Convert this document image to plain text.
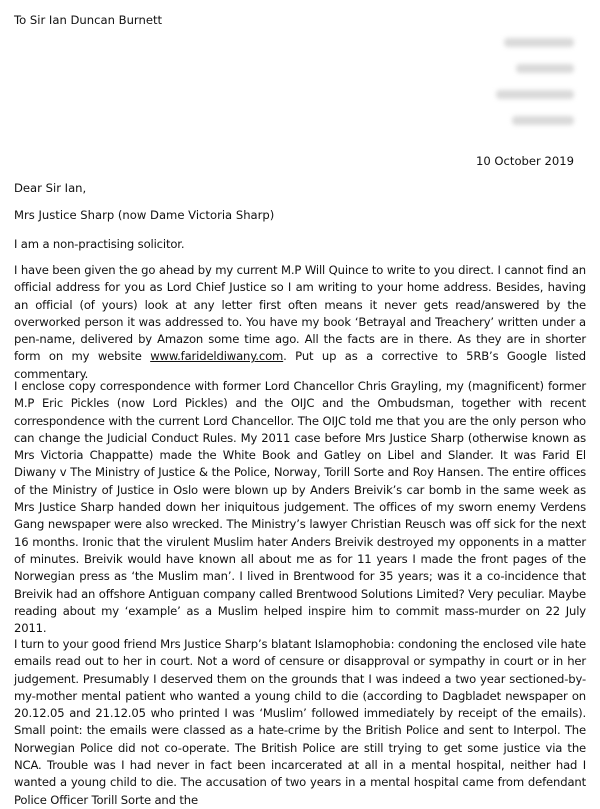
To Sir Ian Duncan Burnett
10 October 2019
Dear Sir Ian,
Mrs Justice Sharp (now Dame Victoria Sharp)
I am a non-practising solicitor.
I have been given the go ahead by my current M.P Will Quince to write to you direct. I cannot find an official address for you as Lord Chief Justice so I am writing to your home address. Besides, having an official (of yours) look at any letter first often means it never gets read/answered by the overworked person it was addressed to. You have my book ‘Betrayal and Treachery’ written under a pen-name, delivered by Amazon some time ago. All the facts are in there. As they are in shorter form on my website www.farideldiwany.com. Put up as a corrective to 5RB’s Google listed commentary.
I enclose copy correspondence with former Lord Chancellor Chris Grayling, my (magnificent) former M.P Eric Pickles (now Lord Pickles) and the OIJC and the Ombudsman, together with recent correspondence with the current Lord Chancellor. The OIJC told me that you are the only person who can change the Judicial Conduct Rules. My 2011 case before Mrs Justice Sharp (otherwise known as Mrs Victoria Chappatte) made the White Book and Gatley on Libel and Slander. It was Farid El Diwany v The Ministry of Justice & the Police, Norway, Torill Sorte and Roy Hansen. The entire offices of the Ministry of Justice in Oslo were blown up by Anders Breivik’s car bomb in the same week as Mrs Justice Sharp handed down her iniquitous judgement. The offices of my sworn enemy Verdens Gang newspaper were also wrecked. The Ministry’s lawyer Christian Reusch was off sick for the next 16 months. Ironic that the virulent Muslim hater Anders Breivik destroyed my opponents in a matter of minutes. Breivik would have known all about me as for 11 years I made the front pages of the Norwegian press as ‘the Muslim man’. I lived in Brentwood for 35 years; was it a co-incidence that Breivik had an offshore Antiguan company called Brentwood Solutions Limited? Very peculiar. Maybe reading about my ‘example’ as a Muslim helped inspire him to commit mass-murder on 22 July 2011.
I turn to your good friend Mrs Justice Sharp’s blatant Islamophobia: condoning the enclosed vile hate emails read out to her in court. Not a word of censure or disapproval or sympathy in court or in her judgement. Presumably I deserved them on the grounds that I was indeed a two year sectioned-by-my-mother mental patient who wanted a young child to die (according to Dagbladet newspaper on 20.12.05 and 21.12.05 who printed I was ‘Muslim’ followed immediately by receipt of the emails). Small point: the emails were classed as a hate-crime by the British Police and sent to Interpol. The Norwegian Police did not co-operate. The British Police are still trying to get some justice via the NCA. Trouble was I had never in fact been incarcerated at all in a mental hospital, neither had I wanted a young child to die. The accusation of two years in a mental hospital came from defendant Police Officer Torill Sorte and the
